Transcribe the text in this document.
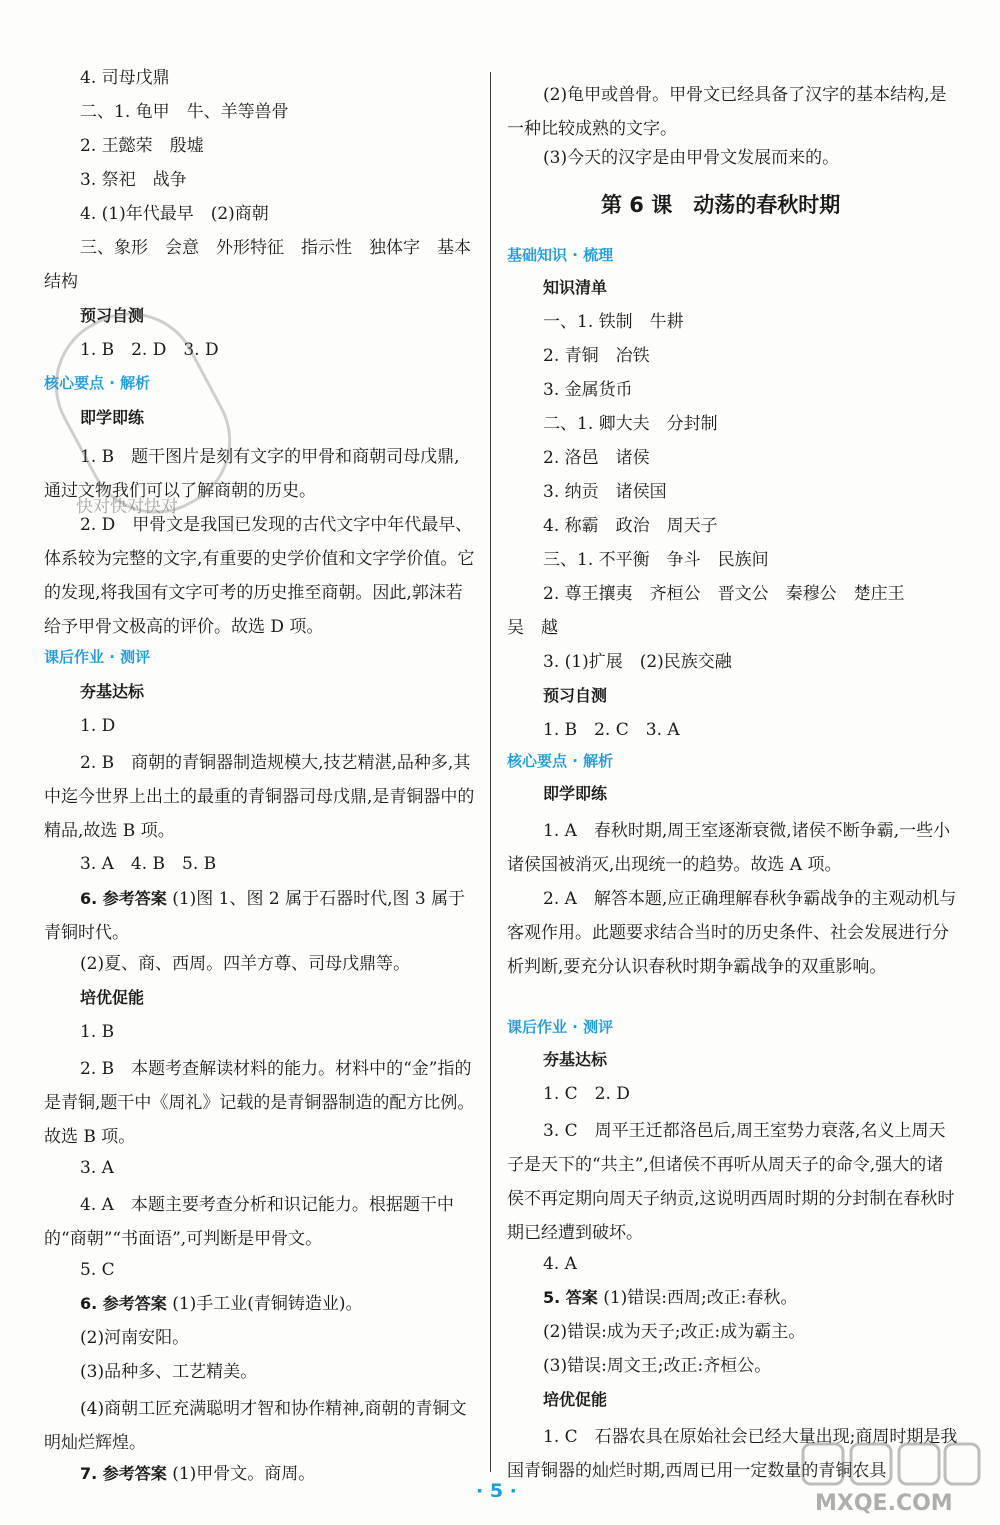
4. 司母戊鼎
二、1. 龟甲　牛、羊等兽骨
2. 王懿荣　殷墟
3. 祭祀　战争
4. (1)年代最早　(2)商朝
三、象形　会意　外形特征　指示性　独体字　基本
结构
预习自测
1. B　2. D　3. D
核心要点 · 解析
即学即练
1. B　题干图片是刻有文字的甲骨和商朝司母戊鼎,通过文物我们可以了解商朝的历史。
2. D　甲骨文是我国已发现的古代文字中年代最早、体系较为完整的文字,有重要的史学价值和文字学价值。它的发现,将我国有文字可考的历史推至商朝。因此,郭沫若给予甲骨文极高的评价。故选 D 项。
课后作业 · 测评
夯基达标
1. D
2. B　商朝的青铜器制造规模大,技艺精湛,品种多,其中迄今世界上出土的最重的青铜器司母戊鼎,是青铜器中的精品,故选 B 项。
3. A　4. B　5. B
6. 参考答案 (1)图 1、图 2 属于石器时代,图 3 属于青铜时代。
(2)夏、商、西周。四羊方尊、司母戊鼎等。
培优促能
1. B
2. B　本题考查解读材料的能力。材料中的“金”指的是青铜,题干中《周礼》记载的是青铜器制造的配方比例。故选 B 项。
3. A
4. A　本题主要考查分析和识记能力。根据题干中的“商朝”“书面语”,可判断是甲骨文。
5. C
6. 参考答案 (1)手工业(青铜铸造业)。
(2)河南安阳。
(3)品种多、工艺精美。
(4)商朝工匠充满聪明才智和协作精神,商朝的青铜文明灿烂辉煌。
7. 参考答案 (1)甲骨文。商周。
(2)龟甲或兽骨。甲骨文已经具备了汉字的基本结构,是一种比较成熟的文字。
(3)今天的汉字是由甲骨文发展而来的。
第 6 课　动荡的春秋时期
基础知识 · 梳理
知识清单
一、1. 铁制　牛耕
2. 青铜　冶铁
3. 金属货币
二、1. 卿大夫　分封制
2. 洛邑　诸侯
3. 纳贡　诸侯国
4. 称霸　政治　周天子
三、1. 不平衡　争斗　民族间
2. 尊王攘夷　齐桓公　晋文公　秦穆公　楚庄王
吴　越
3. (1)扩展　(2)民族交融
预习自测
1. B　2. C　3. A
核心要点 · 解析
即学即练
1. A　春秋时期,周王室逐渐衰微,诸侯不断争霸,一些小诸侯国被消灭,出现统一的趋势。故选 A 项。
2. A　解答本题,应正确理解春秋争霸战争的主观动机与客观作用。此题要求结合当时的历史条件、社会发展进行分析判断,要充分认识春秋时期争霸战争的双重影响。
课后作业 · 测评
夯基达标
1. C　2. D
3. C　周平王迁都洛邑后,周王室势力衰落,名义上周天子是天下的“共主”,但诸侯不再听从周天子的命令,强大的诸侯不再定期向周天子纳贡,这说明西周时期的分封制在春秋时期已经遭到破坏。
4. A
5. 答案 (1)错误:西周;改正:春秋。
(2)错误:成为天子;改正:成为霸主。
(3)错误:周文王;改正:齐桓公。
培优促能
1. C　石器农具在原始社会已经大量出现;商周时期是我国青铜器的灿烂时期,西周已用一定数量的青铜农具
快对快对快对
· 5 ·	MXQE.COM
